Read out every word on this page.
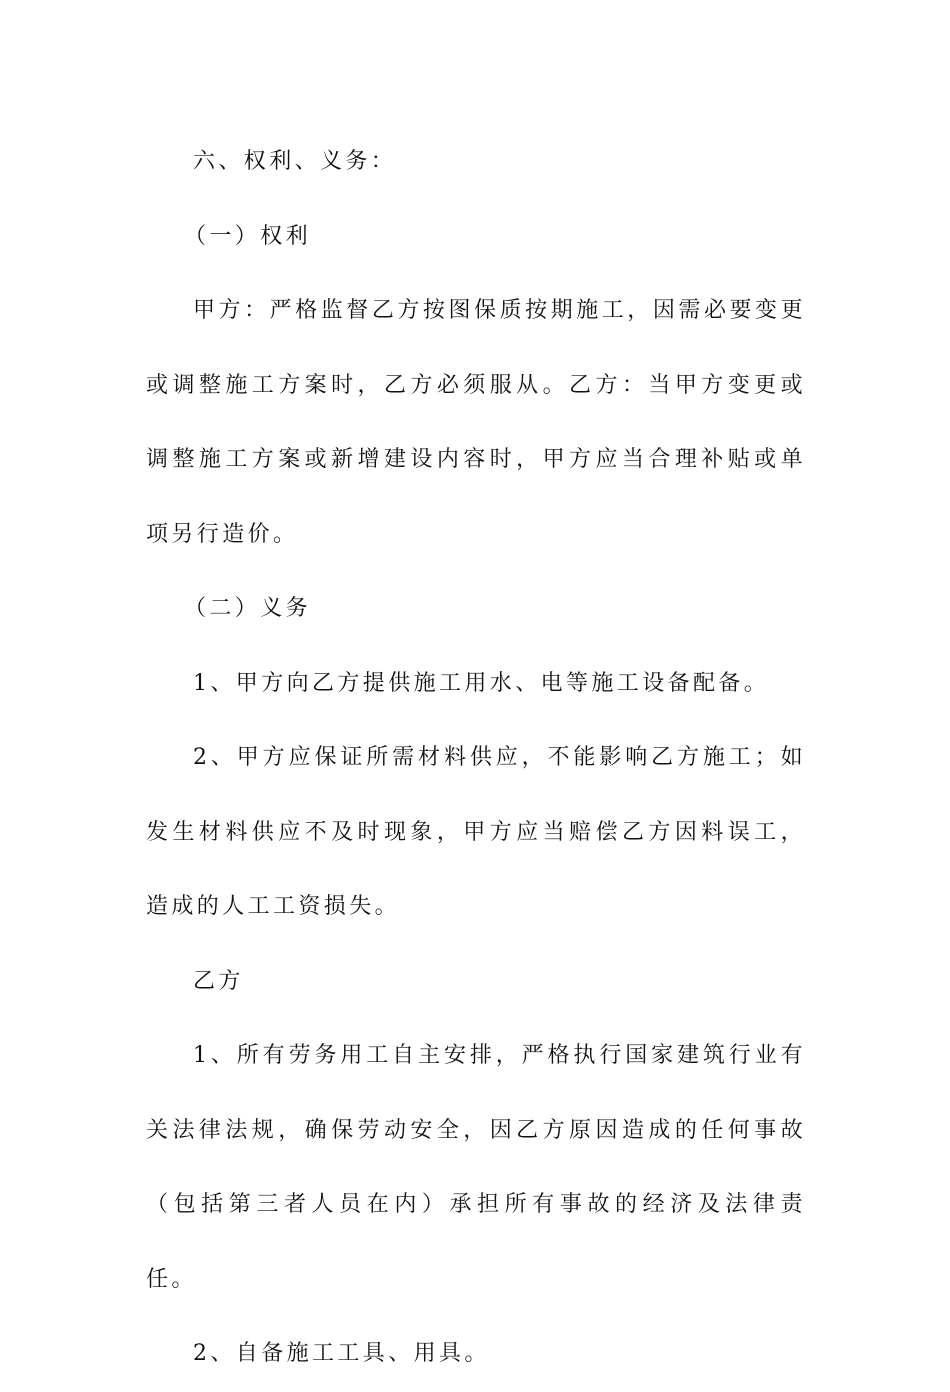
六、权利、义务：

（一）权利

甲方：严格监督乙方按图保质按期施工，因需必要变更或调整施工方案时，乙方必须服从。乙方：当甲方变更或调整施工方案或新增建设内容时，甲方应当合理补贴或单项另行造价。

（二）义务

1、甲方向乙方提供施工用水、电等施工设备配备。

2、甲方应保证所需材料供应，不能影响乙方施工；如发生材料供应不及时现象，甲方应当赔偿乙方因料误工，造成的人工工资损失。

乙方

1、所有劳务用工自主安排，严格执行国家建筑行业有关法律法规，确保劳动安全，因乙方原因造成的任何事故（包括第三者人员在内）承担所有事故的经济及法律责任。

2、自备施工工具、用具。
